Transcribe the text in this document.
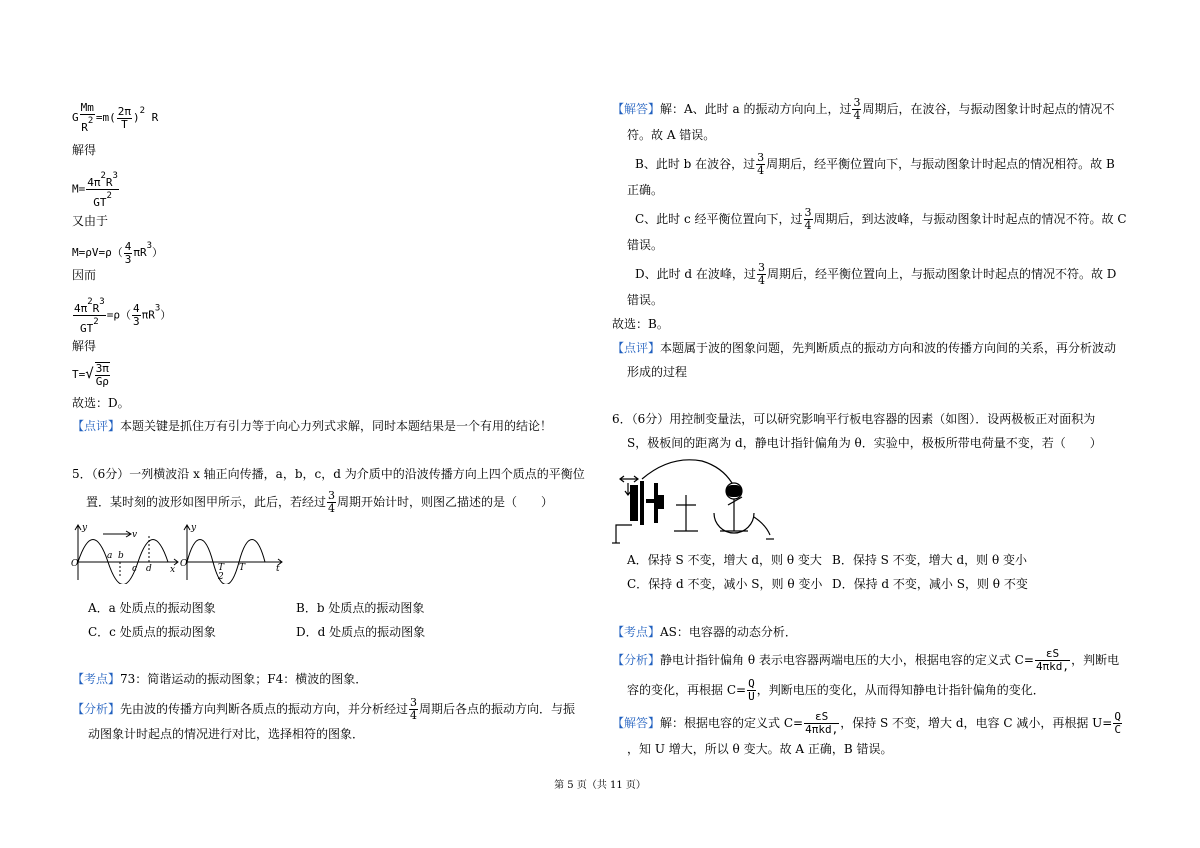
G $\frac{Mm}{R^2} =m( \frac{2\pi}{T} )^2$ R
解得
$M= \frac{4\pi^2R^3}{GT^2}$
又由于
$M=\rho V=\rho( \frac{4}{3} \pi R^3)$
因而
$\frac{4\pi^2R^3}{GT^2} =\rho( \frac{4}{3} \pi R^3)$
解得
$T=√ \frac{3\pi}{G\rho}$
故选：D。
【点评】本题关键是抓住万有引力等于向心力列式求解，同时本题结果是一个有用的结论！
5．（6分）一列横波沿 x 轴正向传播，a，b，c，d 为介质中的沿波传播方向上四个质点的平衡位
置．某时刻的波形如图甲所示，此后，若经过 $\frac{3}{4}$ 周期开始计时，则图乙描述的是（　　）
y
O
v
a b
c d x
y
O	T
2
T	t
A．a 处质点的振动图象	B．b 处质点的振动图象
C．c 处质点的振动图象	D．d 处质点的振动图象
【考点】73：简谐运动的振动图象；F4：横波的图象．
【分析】先由波的传播方向判断各质点的振动方向，并分析经过 $\frac{3}{4}$ 周期后各点的振动方向．与振
动图象计时起点的情况进行对比，选择相符的图象．
【解答】解：A、此时 a 的振动方向向上，过 $\frac{3}{4}$ 周期后，在波谷，与振动图象计时起点的情况不
符。故 A 错误。
B、此时 b 在波谷，过 $\frac{3}{4}$ 周期后，经平衡位置向下，与振动图象计时起点的情况相符。故 B
正确。
C、此时 c 经平衡位置向下，过 $\frac{3}{4}$ 周期后，到达波峰，与振动图象计时起点的情况不符。故 C
错误。
D、此时 d 在波峰，过 $\frac{3}{4}$ 周期后，经平衡位置向上，与振动图象计时起点的情况不符。故 D
错误。
故选：B。
【点评】本题属于波的图象问题，先判断质点的振动方向和波的传播方向间的关系，再分析波动
形成的过程
6．（6分）用控制变量法，可以研究影响平行板电容器的因素（如图）．设两极板正对面积为
S，极板间的距离为 d，静电计指针偏角为 θ．实验中，极板所带电荷量不变，若（　　）
A．保持 S 不变，增大 d，则 θ 变大 B．保持 S 不变，增大 d，则 θ 变小
C．保持 d 不变，减小 S，则 θ 变小 D．保持 d 不变，减小 S，则 θ 不变
【考点】AS：电容器的动态分析．
【分析】静电计指针偏角 θ 表示电容器两端电压的大小，根据电容的定义式 $C= \frac{\varepsilon S}{\text{4πkd,}}$ ，判断电
容的变化，再根据 $C= \frac{Q}{U}$ ，判断电压的变化，从而得知静电计指针偏角的变化．
【解答】解：根据电容的定义式 $C= \frac{\varepsilon S}{\text{4πkd,}}$ ，保持 S 不变，增大 d，电容 C 减小，再根据 $U= \frac{Q}{C}$
，知 U 增大，所以 θ 变大。故 A 正确，B 错误。
第 5 页（共 11 页）
